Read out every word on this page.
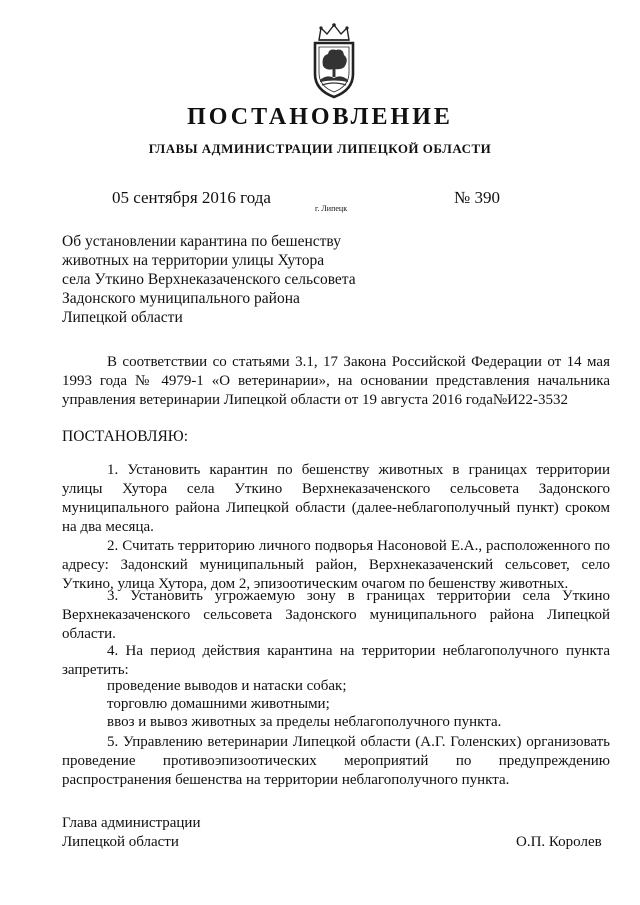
ПОСТАНОВЛЕНИЕ
ГЛАВЫ АДМИНИСТРАЦИИ ЛИПЕЦКОЙ ОБЛАСТИ
05 сентября 2016 года
г. Липецк
№ 390
Об установлении карантина по бешенству
животных на территории улицы Хутора
села Уткино Верхнеказаченского сельсовета
Задонского муниципального района
Липецкой области
В соответствии со статьями 3.1, 17 Закона Российской Федерации от 14 мая 1993 года № 4979-1 «О ветеринарии», на основании представления начальника управления ветеринарии Липецкой области от 19 августа 2016 года№И22-3532
ПОСТАНОВЛЯЮ:
1. Установить карантин по бешенству животных в границах территории улицы Хутора села Уткино Верхнеказаченского сельсовета Задонского муниципального района Липецкой области (далее-неблагополучный пункт) сроком на два месяца.
2. Считать территорию личного подворья Насоновой Е.А., расположенного по адресу: Задонский муниципальный район, Верхнеказаченский сельсовет, село Уткино, улица Хутора, дом 2, эпизоотическим очагом по бешенству животных.
3. Установить угрожаемую зону в границах территории села Уткино Верхнеказаченского сельсовета Задонского муниципального района Липецкой области.
4. На период действия карантина на территории неблагополучного пункта запретить:
проведение выводов и натаски собак;
торговлю домашними животными;
ввоз и вывоз животных за пределы неблагополучного пункта.
5. Управлению ветеринарии Липецкой области (А.Г. Голенских) организовать проведение противоэпизоотических мероприятий по предупреждению распространения бешенства на территории неблагополучного пункта.
Глава администрации
Липецкой области	О.П. Королев
